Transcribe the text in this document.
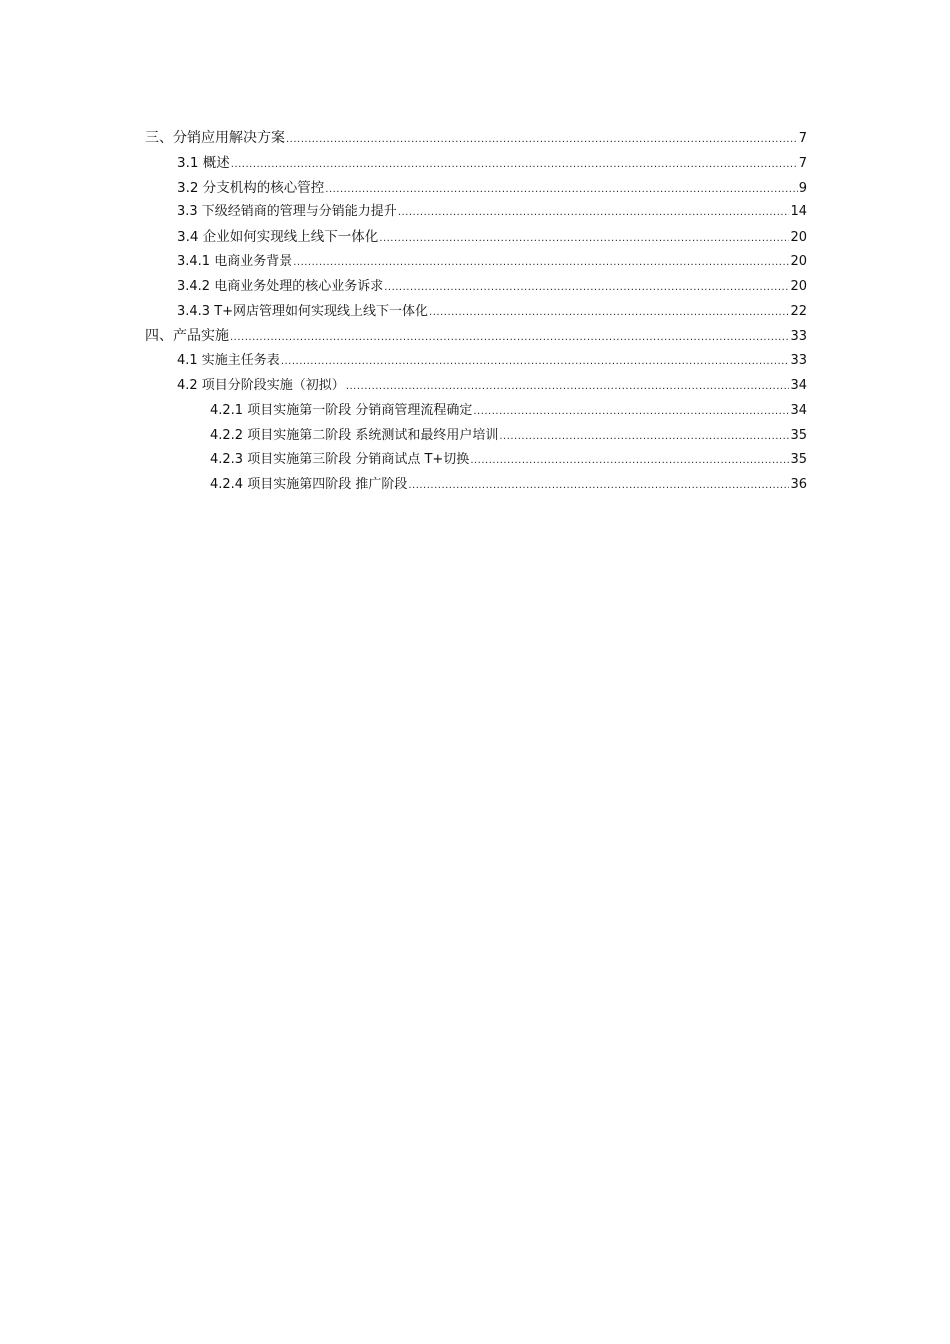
三、分销应用解决方案 .....	7
3.1 概述 .....	7
3.2 分支机构的核心管控 .....	9
3.3 下级经销商的管理与分销能力提升 .....	14
3.4 企业如何实现线上线下一体化 .....	20
3.4.1 电商业务背景 .....	20
3.4.2 电商业务处理的核心业务诉求 .....	20
3.4.3 T+网店管理如何实现线上线下一体化 .....	22
四、产品实施 .....	33
4.1 实施主任务表 .....	33
4.2 项目分阶段实施（初拟） .....	34
4.2.1 项目实施第一阶段 分销商管理流程确定 .....	34
4.2.2 项目实施第二阶段 系统测试和最终用户培训 .....	35
4.2.3 项目实施第三阶段 分销商试点 T+切换 .....	35
4.2.4 项目实施第四阶段 推广阶段 .....	36
